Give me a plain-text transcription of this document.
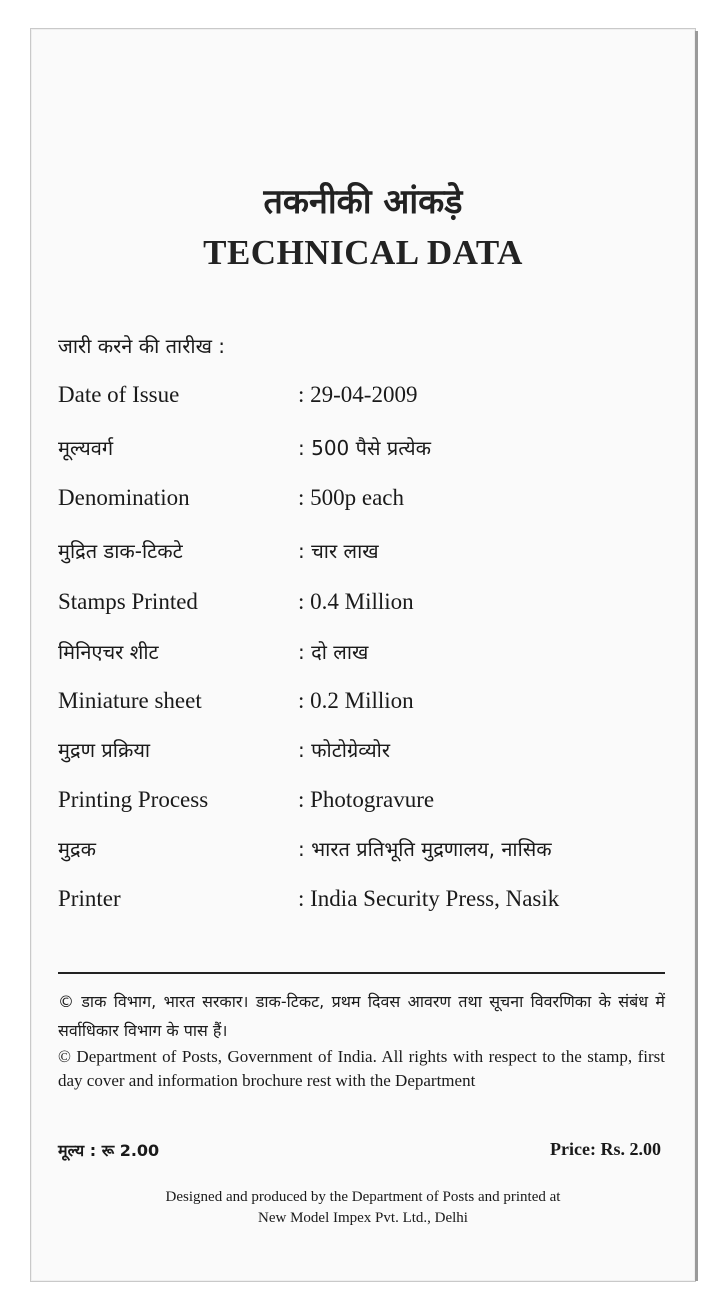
तकनीकी आंकड़े
TECHNICAL DATA
जारी करने की तारीख :
Date of Issue	: 29-04-2009
मूल्यवर्ग	: 500 पैसे प्रत्येक
Denomination	: 500p each
मुद्रित डाक-टिकटे	: चार लाख
Stamps Printed	: 0.4 Million
मिनिएचर शीट	: दो लाख
Miniature sheet	: 0.2 Million
मुद्रण प्रक्रिया	: फोटोग्रेव्योर
Printing Process	: Photogravure
मुद्रक	: भारत प्रतिभूति मुद्रणालय, नासिक
Printer	: India Security Press, Nasik
© डाक विभाग, भारत सरकार। डाक-टिकट, प्रथम दिवस आवरण तथा सूचना विवरणिका के संबंध में सर्वाधिकार विभाग के पास हैं।
© Department of Posts, Government of India. All rights with respect to the stamp, first day cover and information brochure rest with the Department
मूल्य : रू 2.00	Price: Rs. 2.00
Designed and produced by the Department of Posts and printed at
New Model Impex Pvt. Ltd., Delhi
